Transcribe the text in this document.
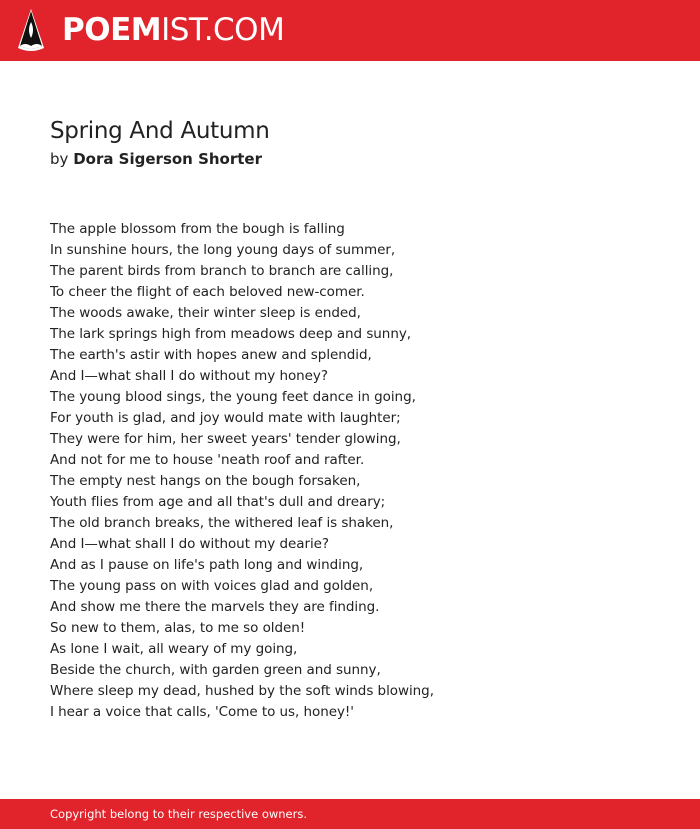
POEMIST.COM
Spring And Autumn
by Dora Sigerson Shorter
The apple blossom from the bough is falling
In sunshine hours, the long young days of summer,
The parent birds from branch to branch are calling,
To cheer the flight of each beloved new-comer.
The woods awake, their winter sleep is ended,
The lark springs high from meadows deep and sunny,
The earth's astir with hopes anew and splendid,
And I—what shall I do without my honey?
The young blood sings, the young feet dance in going,
For youth is glad, and joy would mate with laughter;
They were for him, her sweet years' tender glowing,
And not for me to house 'neath roof and rafter.
The empty nest hangs on the bough forsaken,
Youth flies from age and all that's dull and dreary;
The old branch breaks, the withered leaf is shaken,
And I—what shall I do without my dearie?
And as I pause on life's path long and winding,
The young pass on with voices glad and golden,
And show me there the marvels they are finding.
So new to them, alas, to me so olden!
As lone I wait, all weary of my going,
Beside the church, with garden green and sunny,
Where sleep my dead, hushed by the soft winds blowing,
I hear a voice that calls, 'Come to us, honey!'
Copyright belong to their respective owners.
